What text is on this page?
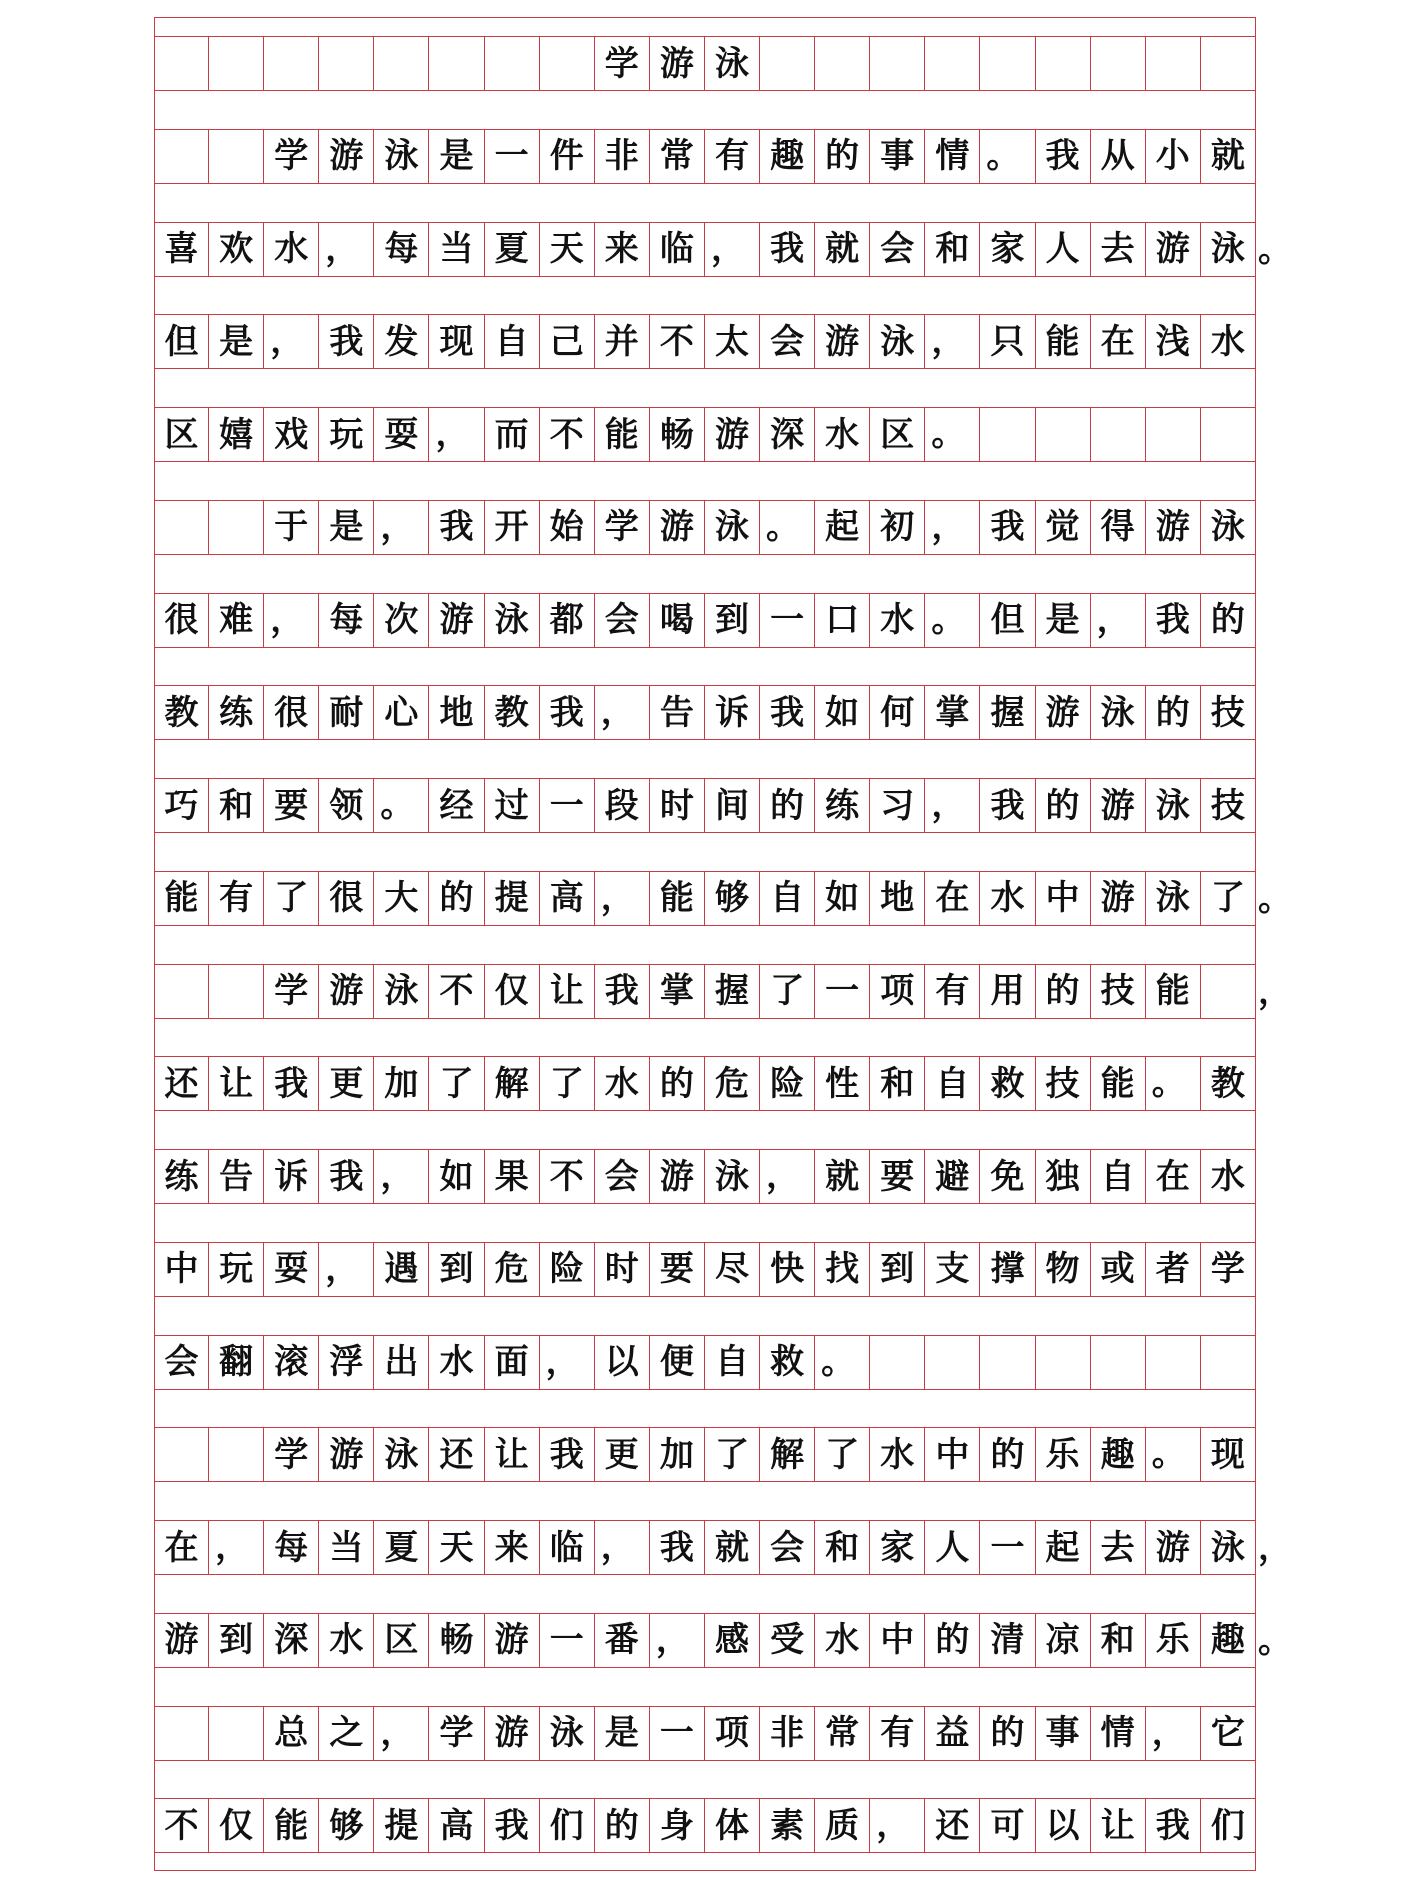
学 游 泳
学 游 泳 是 一 件 非 常 有 趣 的 事 情 。 我 从 小 就
喜 欢 水 ， 每 当 夏 天 来 临 ， 我 就 会 和 家 人 去 游 泳 。
但 是 ， 我 发 现 自 己 并 不 太 会 游 泳 ， 只 能 在 浅 水
区 嬉 戏 玩 耍 ， 而 不 能 畅 游 深 水 区 。
于 是 ， 我 开 始 学 游 泳 。 起 初 ， 我 觉 得 游 泳
很 难 ， 每 次 游 泳 都 会 喝 到 一 口 水 。 但 是 ， 我 的
教 练 很 耐 心 地 教 我 ， 告 诉 我 如 何 掌 握 游 泳 的 技
巧 和 要 领 。 经 过 一 段 时 间 的 练 习 ， 我 的 游 泳 技
能 有 了 很 大 的 提 高 ， 能 够 自 如 地 在 水 中 游 泳 了 。
学 游 泳 不 仅 让 我 掌 握 了 一 项 有 用 的 技 能	，
还 让 我 更 加 了 解 了 水 的 危 险 性 和 自 救 技 能 。 教
练 告 诉 我 ， 如 果 不 会 游 泳 ， 就 要 避 免 独 自 在 水
中 玩 耍 ， 遇 到 危 险 时 要 尽 快 找 到 支 撑 物 或 者 学
会 翻 滚 浮 出 水 面 ， 以 便 自 救 。
学 游 泳 还 让 我 更 加 了 解 了 水 中 的 乐 趣 。 现
在 ， 每 当 夏 天 来 临 ， 我 就 会 和 家 人 一 起 去 游 泳 ，
游 到 深 水 区 畅 游 一 番 ， 感 受 水 中 的 清 凉 和 乐 趣 。
总 之 ， 学 游 泳 是 一 项 非 常 有 益 的 事 情 ， 它
不 仅 能 够 提 高 我 们 的 身 体 素 质 ， 还 可 以 让 我 们
